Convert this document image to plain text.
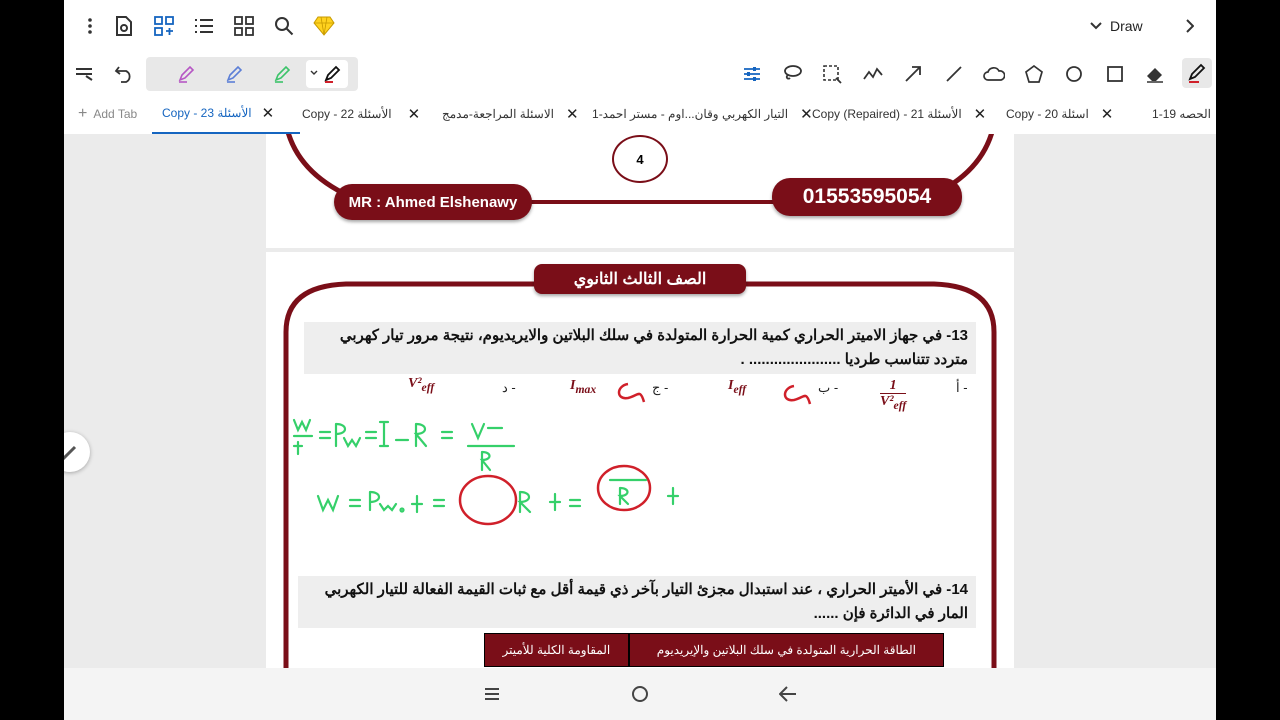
Draw
+ Add Tab Copy - 23 الأسئلة ✕ Copy - 22 الأسئلة ✕ الاسئلة المراجعة-مدمج ✕ التيار الكهربي وقان...اوم - مستر احمد-1 ✕ Copy (Repaired) - 21 الأسئلة ✕ Copy - 20 اسئلة ✕	الحصه 19-1
4
MR : Ahmed Elshenawy	01553595054
الصف الثالث الثانوي
13- في جهاز الاميتر الحراري كمية الحرارة المتولدة في سلك البلاتين والايريديوم، نتيجة مرور تيار كهربي
متردد تتناسب طرديا ...................... .
أ -
1
$V^2_{eff}$
ب -
$I_{eff}$
ج -
$I_{max}$
د -
$V^2_{eff}$
14- في الأميتر الحراري ، عند استبدال مجزئ التيار بآخر ذي قيمة أقل مع ثبات القيمة الفعالة للتيار الكهربي
المار في الدائرة فإن ......
المقاومة الكلية للأميتر	الطاقة الحرارية المتولدة في سلك البلاتين والإيريديوم
